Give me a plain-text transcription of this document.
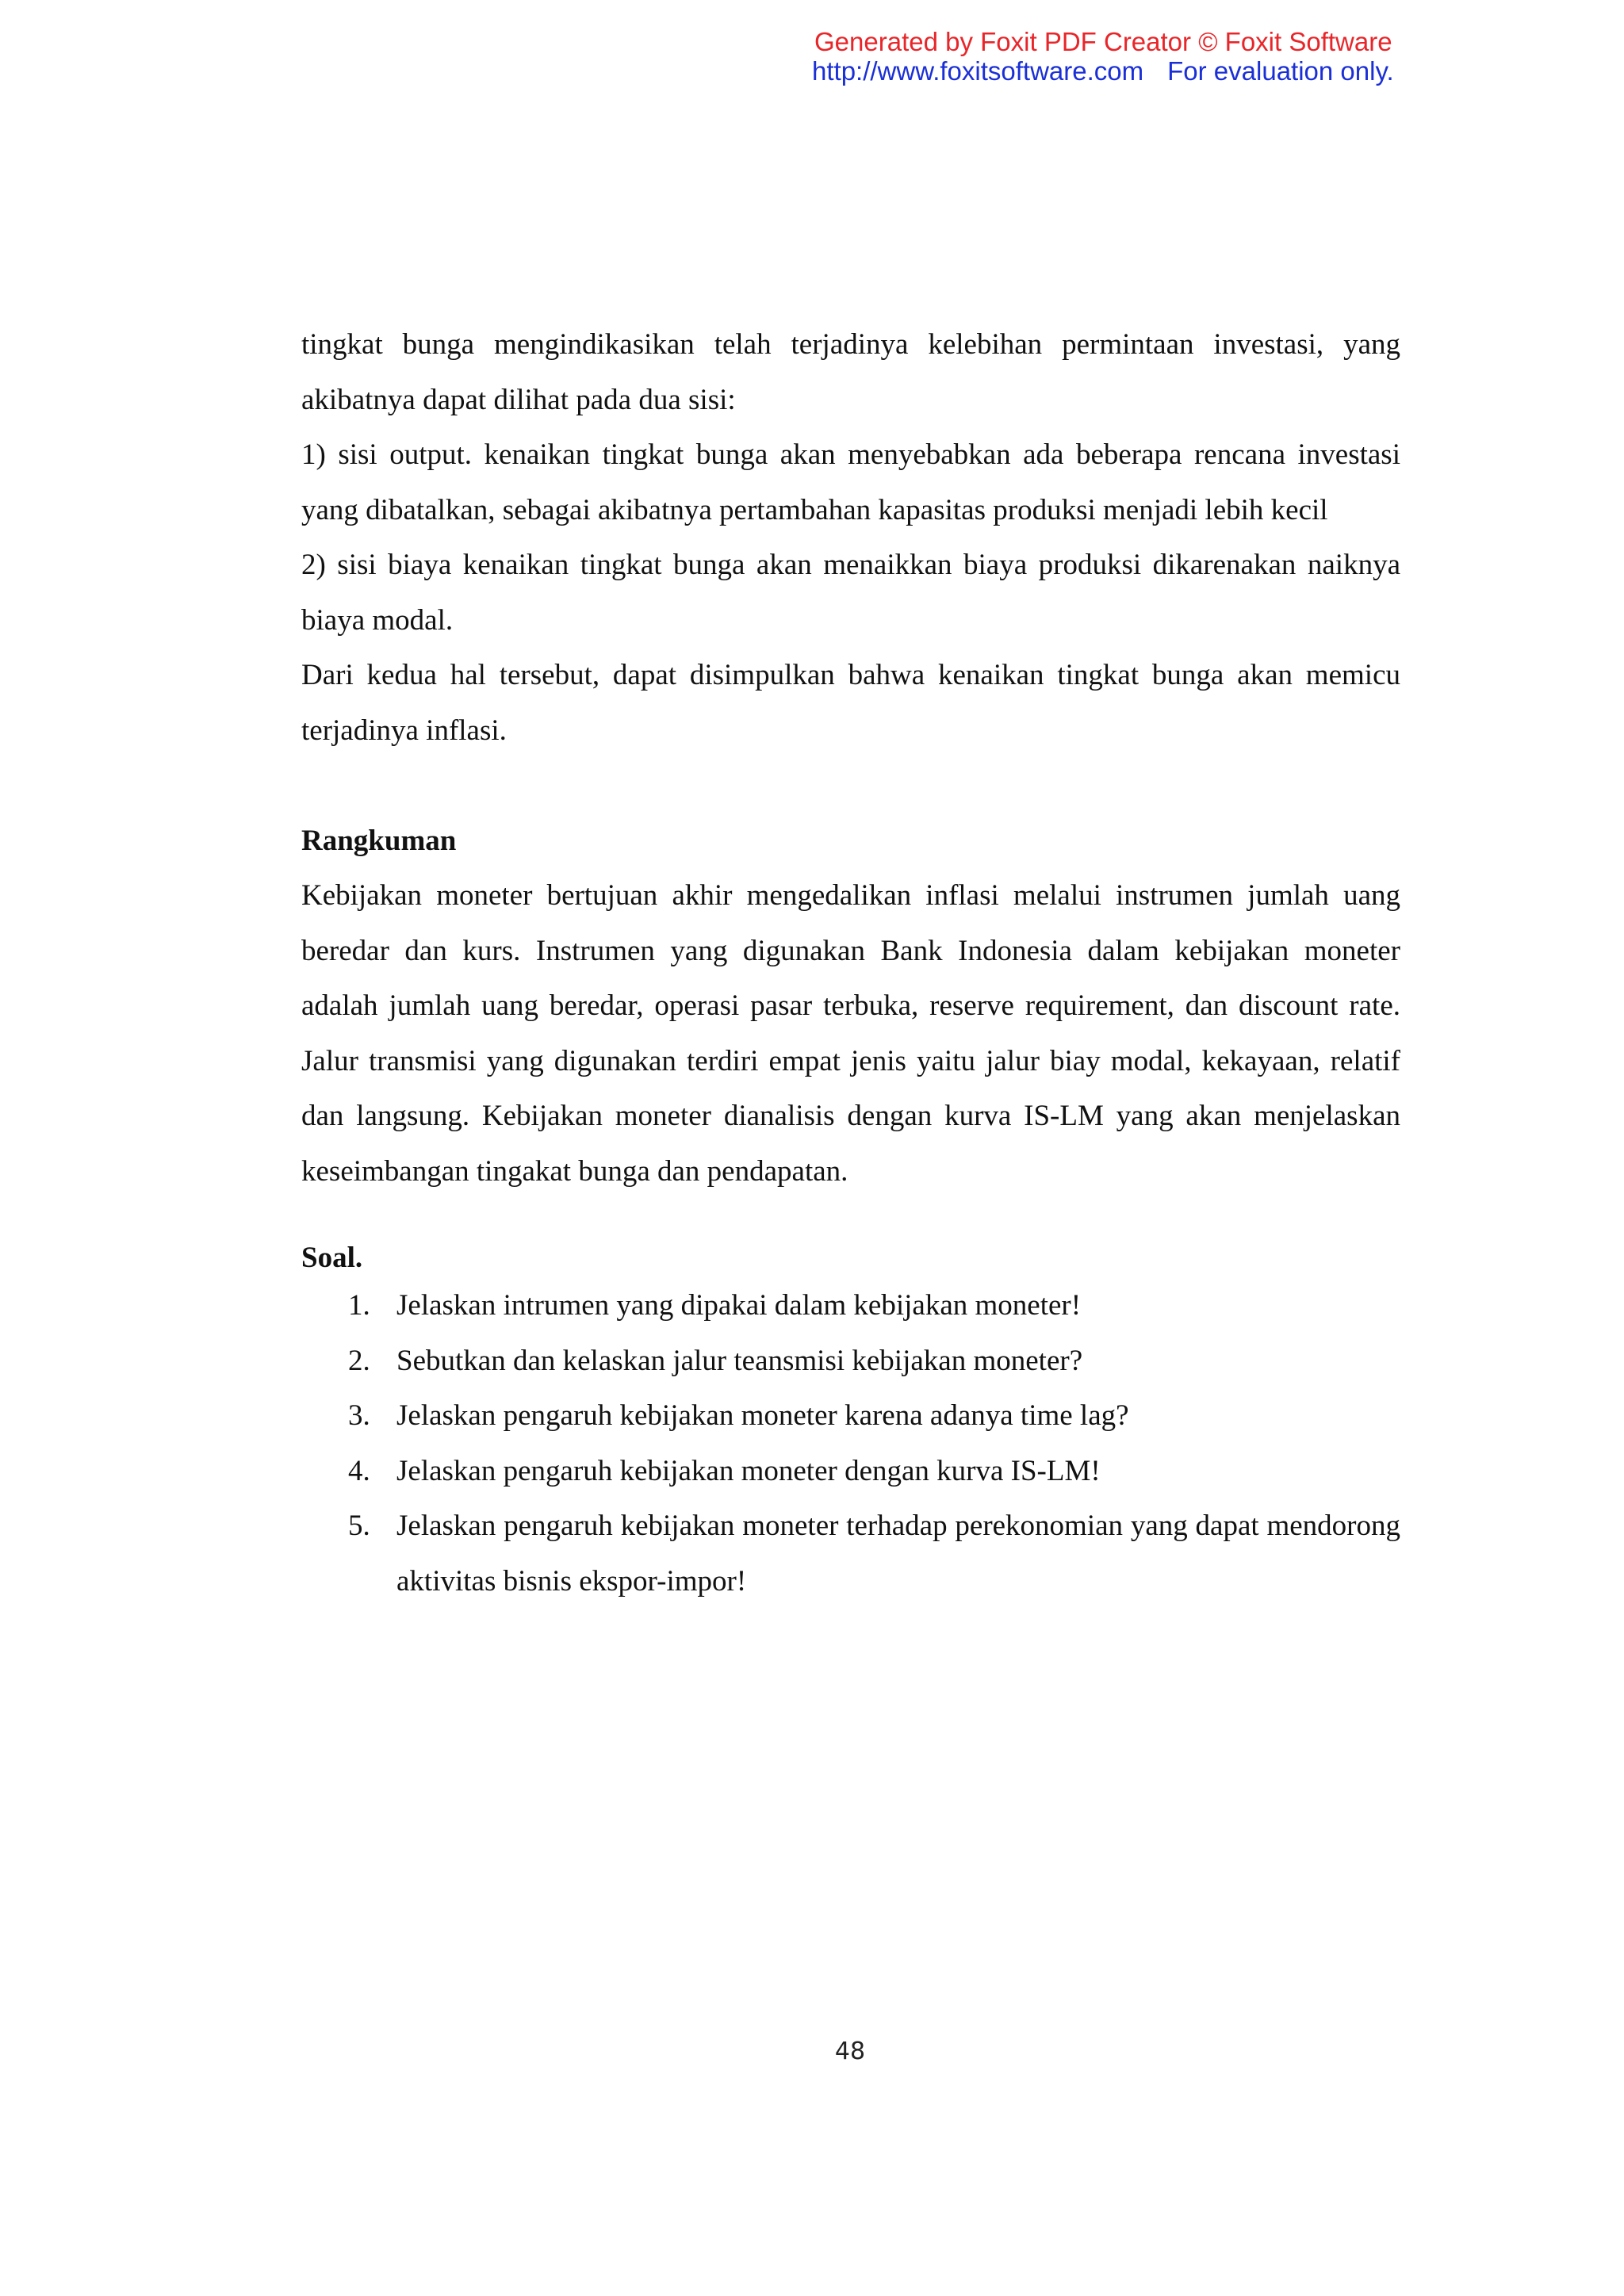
Generated by Foxit PDF Creator © Foxit Software
http://www.foxitsoftware.com For evaluation only.

tingkat bunga mengindikasikan telah terjadinya kelebihan permintaan investasi, yang akibatnya dapat dilihat pada dua sisi:

1) sisi output. kenaikan tingkat bunga akan menyebabkan ada beberapa rencana investasi yang dibatalkan, sebagai akibatnya pertambahan kapasitas produksi menjadi lebih kecil

2) sisi biaya kenaikan tingkat bunga akan menaikkan biaya produksi dikarenakan naiknya biaya modal.

Dari kedua hal tersebut, dapat disimpulkan bahwa kenaikan tingkat bunga akan memicu terjadinya inflasi.

Rangkuman

Kebijakan moneter bertujuan akhir mengedalikan inflasi melalui instrumen jumlah uang beredar dan kurs. Instrumen yang digunakan Bank Indonesia dalam kebijakan moneter adalah jumlah uang beredar, operasi pasar terbuka, reserve requirement, dan discount rate. Jalur transmisi yang digunakan terdiri empat jenis yaitu jalur biay modal, kekayaan, relatif dan langsung. Kebijakan moneter dianalisis dengan kurva IS-LM yang akan menjelaskan keseimbangan tingakat bunga dan pendapatan.

Soal.

1. Jelaskan intrumen yang dipakai dalam kebijakan moneter!
2. Sebutkan dan kelaskan jalur teansmisi kebijakan moneter?
3. Jelaskan pengaruh kebijakan moneter karena adanya time lag?
4. Jelaskan pengaruh kebijakan moneter dengan kurva IS-LM!
5. Jelaskan pengaruh kebijakan moneter terhadap perekonomian yang dapat mendorong aktivitas bisnis ekspor-impor!
48
